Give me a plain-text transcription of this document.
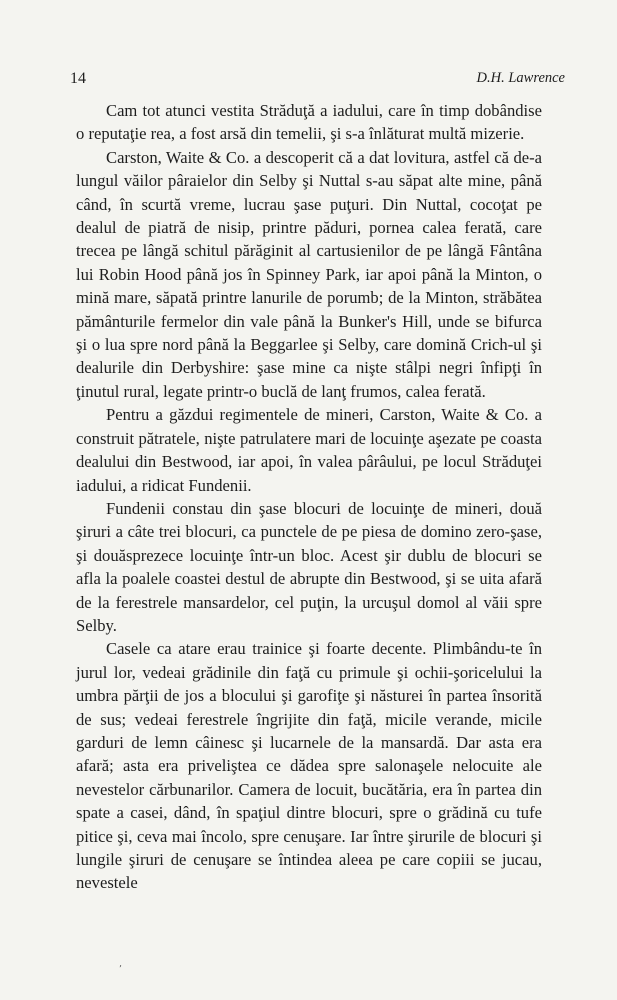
14	D.H. Lawrence

Cam tot atunci vestita Străduţă a iadului, care în timp dobândise o reputaţie rea, a fost arsă din temelii, şi s-a înlăturat multă mizerie.

Carston, Waite & Co. a descoperit că a dat lovitura, astfel că de-a lungul văilor pâraielor din Selby şi Nuttal s-au săpat alte mine, până când, în scurtă vreme, lucrau şase puţuri. Din Nuttal, cocoţat pe dealul de piatră de nisip, printre păduri, pornea calea ferată, care trecea pe lângă schitul părăginit al cartusienilor de pe lângă Fântâna lui Robin Hood până jos în Spinney Park, iar apoi până la Minton, o mină mare, săpată printre lanurile de porumb; de la Minton, străbătea pământurile fermelor din vale până la Bunker's Hill, unde se bifurca şi o lua spre nord până la Beggarlee şi Selby, care domină Crich-ul şi dealurile din Derbyshire: şase mine ca nişte stâlpi negri înfipţi în ţinutul rural, legate printr-o buclă de lanţ frumos, calea ferată.

Pentru a găzdui regimentele de mineri, Carston, Waite & Co. a construit pătratele, nişte patrulatere mari de locuinţe aşezate pe coasta dealului din Bestwood, iar apoi, în valea pârâului, pe locul Străduţei iadului, a ridicat Fundenii.

Fundenii constau din şase blocuri de locuinţe de mineri, două şiruri a câte trei blocuri, ca punctele de pe piesa de domino zero-şase, şi douăsprezece locuinţe într-un bloc. Acest şir dublu de blocuri se afla la poalele coastei destul de abrupte din Bestwood, şi se uita afară de la ferestrele mansardelor, cel puţin, la urcuşul domol al văii spre Selby.

Casele ca atare erau trainice şi foarte decente. Plimbându-te în jurul lor, vedeai grădinile din faţă cu primule şi ochii-şoricelului la umbra părţii de jos a blocului şi garofiţe şi năsturei în partea însorită de sus; vedeai ferestrele îngrijite din faţă, micile verande, micile garduri de lemn câinesc şi lucarnele de la mansardă. Dar asta era afară; asta era priveliştea ce dădea spre salonaşele nelocuite ale nevestelor cărbunarilor. Camera de locuit, bucătăria, era în partea din spate a casei, dând, în spaţiul dintre blocuri, spre o grădină cu tufe pitice şi, ceva mai încolo, spre cenuşare. Iar între şirurile de blocuri şi lungile şiruri de cenuşare se întindea aleea pe care copiii se jucau, nevestele

’
